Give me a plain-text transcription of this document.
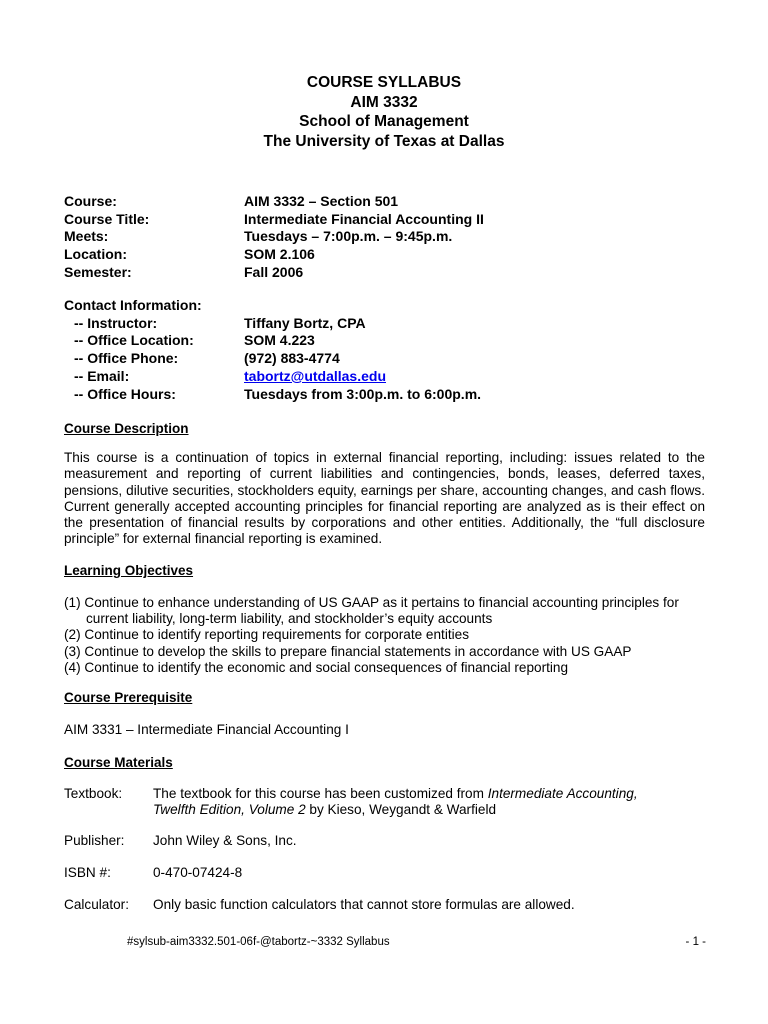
COURSE SYLLABUS
AIM 3332
School of Management
The University of Texas at Dallas
Course:	AIM 3332 – Section 501
Course Title:	Intermediate Financial Accounting II
Meets:	Tuesdays – 7:00p.m. – 9:45p.m.
Location:	SOM 2.106
Semester:	Fall 2006
Contact Information:
-- Instructor:	Tiffany Bortz, CPA
-- Office Location:	SOM 4.223
-- Office Phone:	(972) 883-4774
-- Email:	tabortz@utdallas.edu
-- Office Hours:	Tuesdays from 3:00p.m. to 6:00p.m.
Course Description
This course is a continuation of topics in external financial reporting, including: issues related to the measurement and reporting of current liabilities and contingencies, bonds, leases, deferred taxes, pensions, dilutive securities, stockholders equity, earnings per share, accounting changes, and cash flows. Current generally accepted accounting principles for financial reporting are analyzed as is their effect on the presentation of financial results by corporations and other entities. Additionally, the “full disclosure principle” for external financial reporting is examined.
Learning Objectives
(1) Continue to enhance understanding of US GAAP as it pertains to financial accounting principles for current liability, long-term liability, and stockholder’s equity accounts
(2) Continue to identify reporting requirements for corporate entities
(3) Continue to develop the skills to prepare financial statements in accordance with US GAAP
(4) Continue to identify the economic and social consequences of financial reporting
Course Prerequisite
AIM 3331 – Intermediate Financial Accounting I
Course Materials
Textbook:	The textbook for this course has been customized from Intermediate Accounting, Twelfth Edition, Volume 2 by Kieso, Weygandt & Warfield
Publisher:	John Wiley & Sons, Inc.
ISBN #:	0-470-07424-8
Calculator:	Only basic function calculators that cannot store formulas are allowed.
#sylsub-aim3332.501-06f-@tabortz-~3332 Syllabus	- 1 -
